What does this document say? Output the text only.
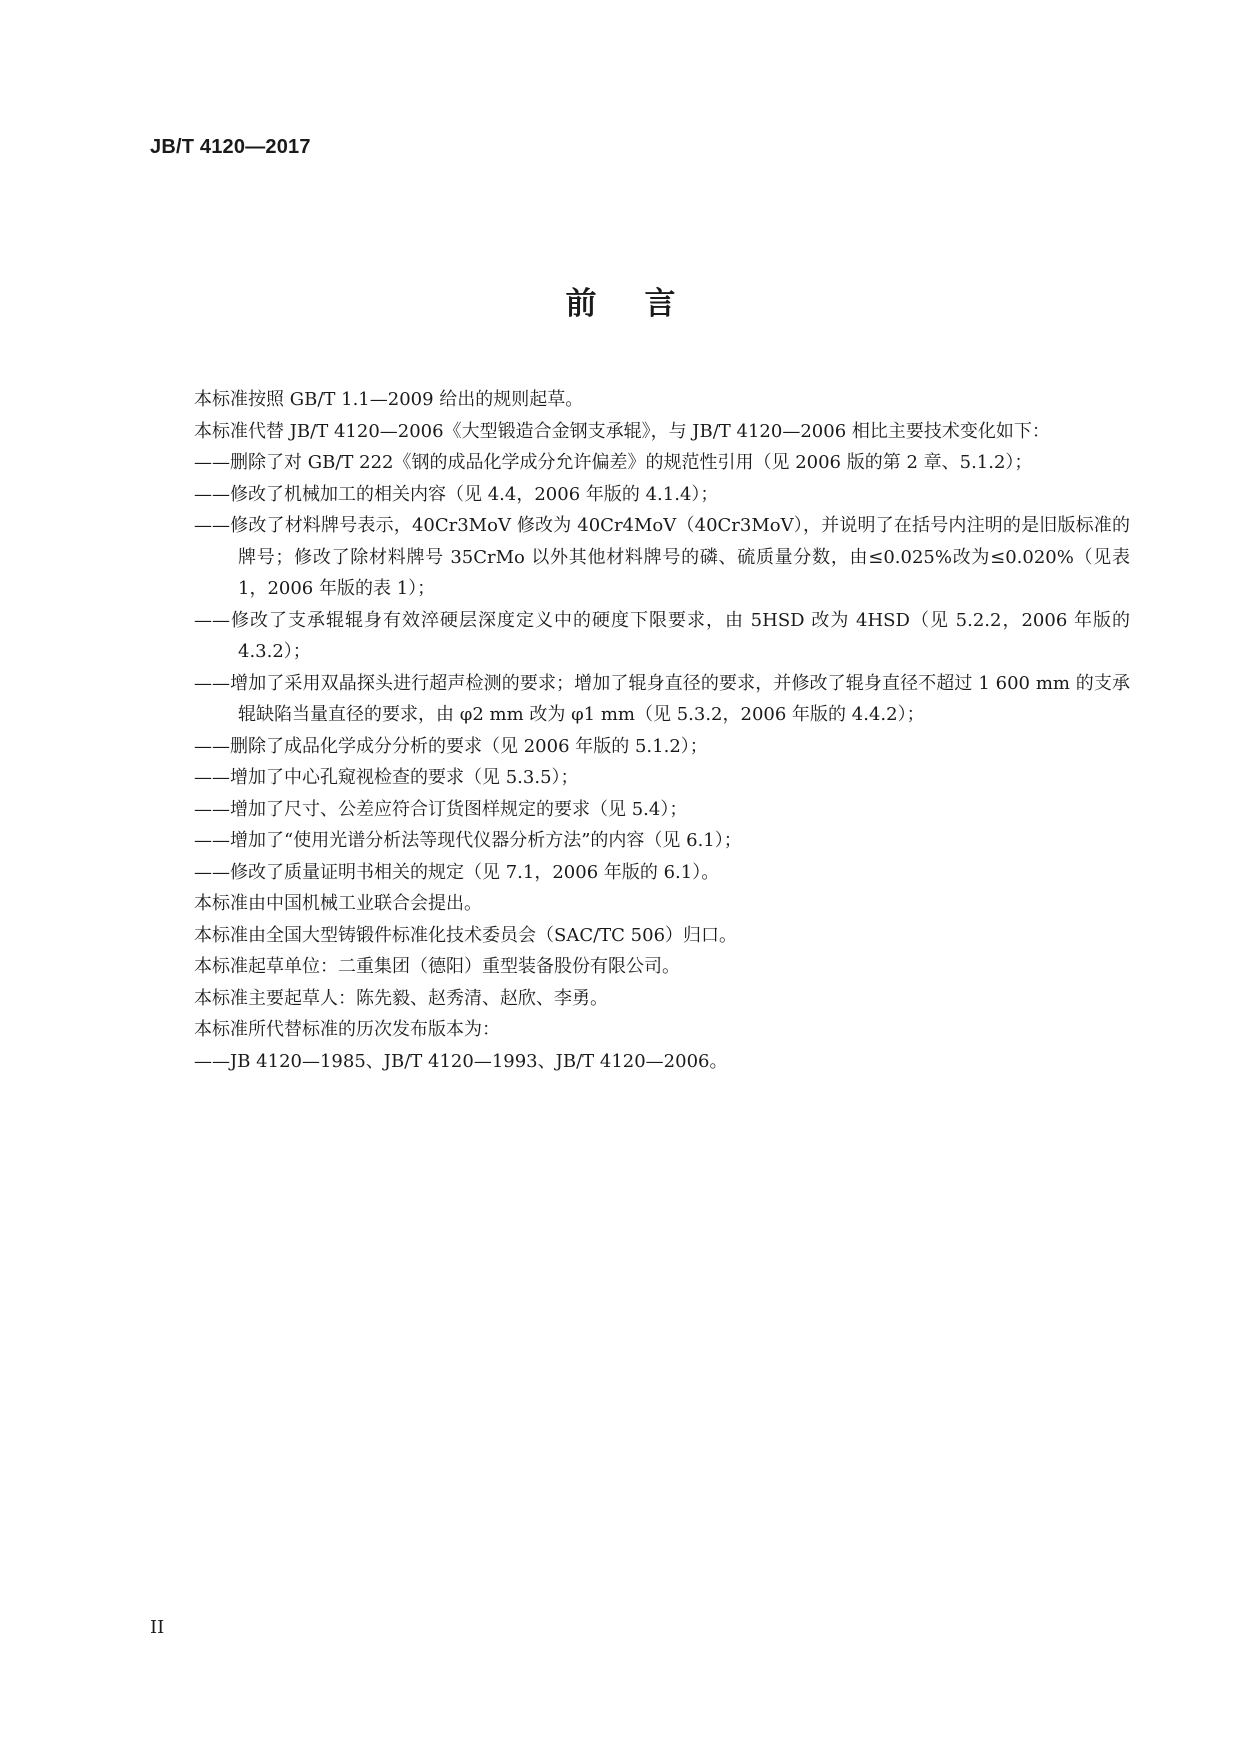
JB/T 4120—2017
前言

本标准按照 GB/T 1.1—2009 给出的规则起草。

本标准代替 JB/T 4120—2006《大型锻造合金钢支承辊》，与 JB/T 4120—2006 相比主要技术变化如下：

——删除了对 GB/T 222《钢的成品化学成分允许偏差》的规范性引用（见 2006 版的第 2 章、5.1.2）；

——修改了机械加工的相关内容（见 4.4，2006 年版的 4.1.4）；

——修改了材料牌号表示，40Cr3MoV 修改为 40Cr4MoV（40Cr3MoV），并说明了在括号内注明的是旧版标准的牌号；修改了除材料牌号 35CrMo 以外其他材料牌号的磷、硫质量分数，由≤0.025%改为≤0.020%（见表 1，2006 年版的表 1）；

——修改了支承辊辊身有效淬硬层深度定义中的硬度下限要求，由 5HSD 改为 4HSD（见 5.2.2，2006 年版的 4.3.2）；

——增加了采用双晶探头进行超声检测的要求；增加了辊身直径的要求，并修改了辊身直径不超过 1 600 mm 的支承辊缺陷当量直径的要求，由 φ2 mm 改为 φ1 mm（见 5.3.2，2006 年版的 4.4.2）；

——删除了成品化学成分分析的要求（见 2006 年版的 5.1.2）；

——增加了中心孔窥视检查的要求（见 5.3.5）；

——增加了尺寸、公差应符合订货图样规定的要求（见 5.4）；

——增加了“使用光谱分析法等现代仪器分析方法”的内容（见 6.1）；

——修改了质量证明书相关的规定（见 7.1，2006 年版的 6.1）。

本标准由中国机械工业联合会提出。

本标准由全国大型铸锻件标准化技术委员会（SAC/TC 506）归口。

本标准起草单位：二重集团（德阳）重型装备股份有限公司。

本标准主要起草人：陈先毅、赵秀清、赵欣、李勇。

本标准所代替标准的历次发布版本为：

——JB 4120—1985、JB/T 4120—1993、JB/T 4120—2006。

II
